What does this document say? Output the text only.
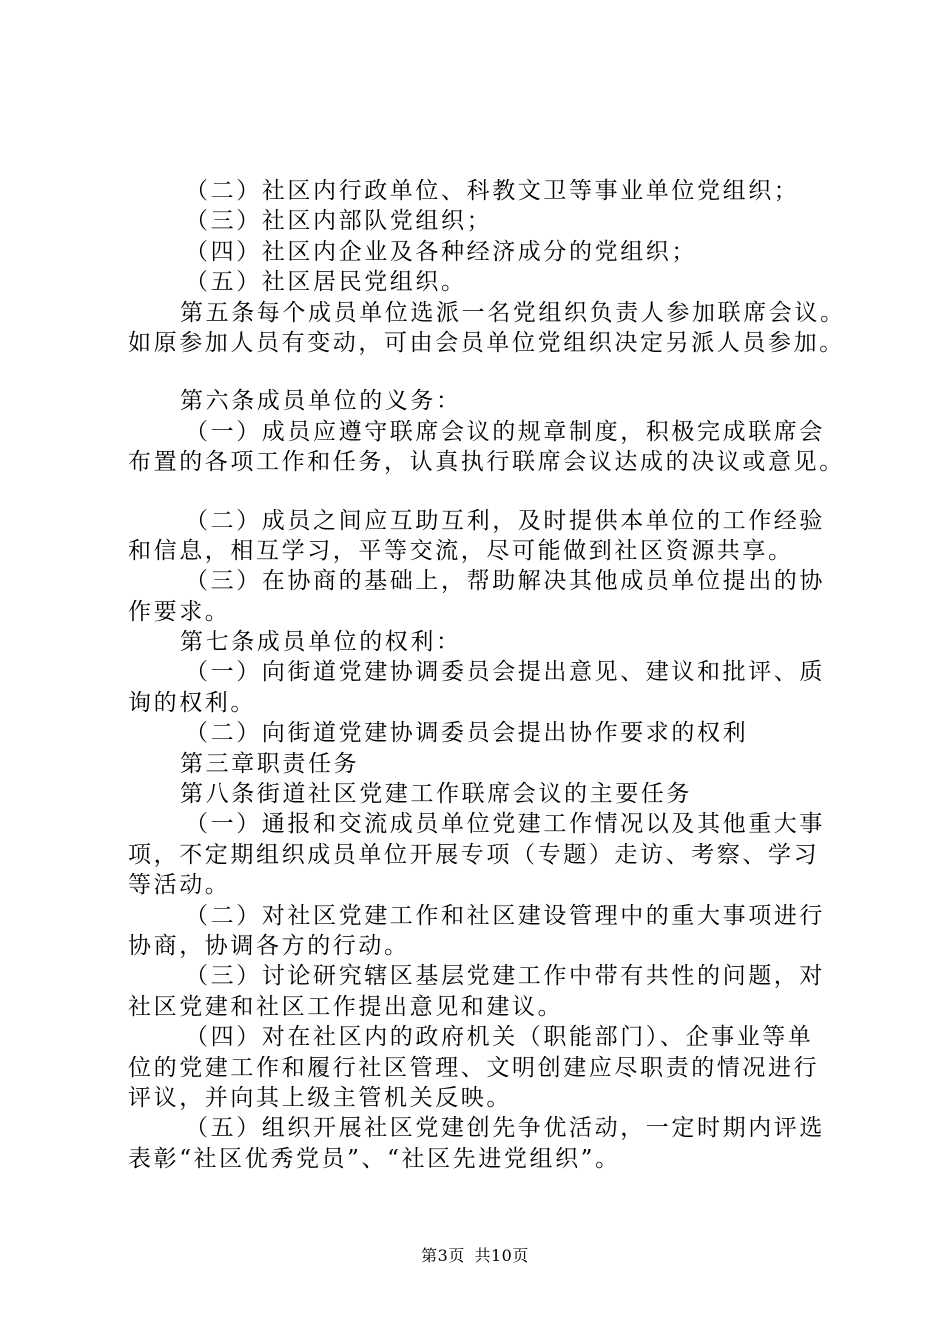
（二）社区内行政单位、科教文卫等事业单位党组织；
（三）社区内部队党组织；
（四）社区内企业及各种经济成分的党组织；
（五）社区居民党组织。
第五条每个成员单位选派一名党组织负责人参加联席会议。
如原参加人员有变动，可由会员单位党组织决定另派人员参加。
第六条成员单位的义务：
（一）成员应遵守联席会议的规章制度，积极完成联席会
布置的各项工作和任务，认真执行联席会议达成的决议或意见。
（二）成员之间应互助互利，及时提供本单位的工作经验
和信息，相互学习，平等交流，尽可能做到社区资源共享。
（三）在协商的基础上，帮助解决其他成员单位提出的协
作要求。
第七条成员单位的权利：
（一）向街道党建协调委员会提出意见、建议和批评、质
询的权利。
（二）向街道党建协调委员会提出协作要求的权利
第三章职责任务
第八条街道社区党建工作联席会议的主要任务
（一）通报和交流成员单位党建工作情况以及其他重大事
项，不定期组织成员单位开展专项（专题）走访、考察、学习
等活动。
（二）对社区党建工作和社区建设管理中的重大事项进行
协商，协调各方的行动。
（三）讨论研究辖区基层党建工作中带有共性的问题，对
社区党建和社区工作提出意见和建议。
（四）对在社区内的政府机关（职能部门）、企事业等单
位的党建工作和履行社区管理、文明创建应尽职责的情况进行
评议，并向其上级主管机关反映。
（五）组织开展社区党建创先争优活动，一定时期内评选
表彰“社区优秀党员”、“社区先进党组织”。
第3页 共10页
